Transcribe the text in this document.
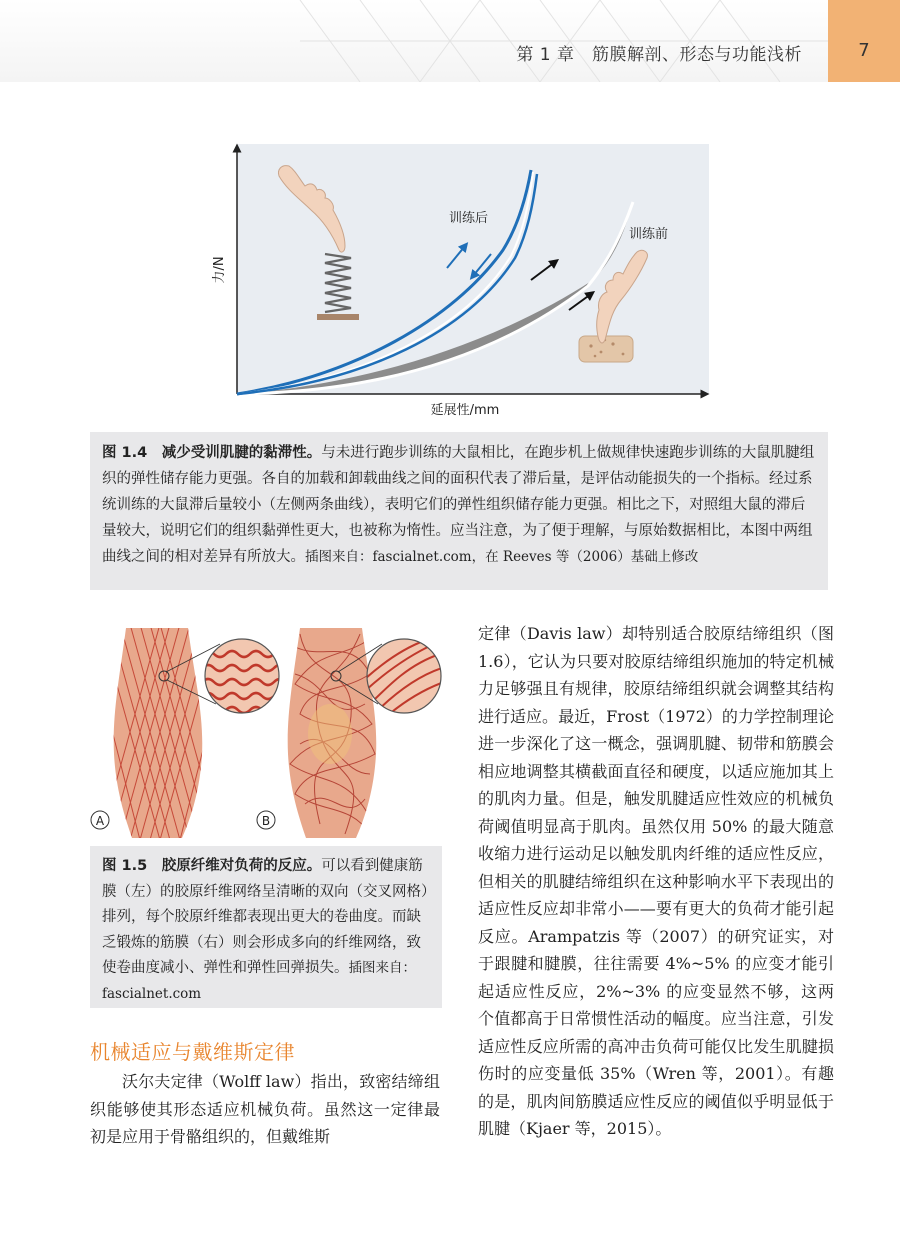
第 1 章　筋膜解剖、形态与功能浅析	7
力/N
延展性/mm
训练后
训练前
图 1.4　减少受训肌腱的黏滞性。与未进行跑步训练的大鼠相比，在跑步机上做规律快速跑步训练的大鼠肌腱组织的弹性储存能力更强。各自的加载和卸载曲线之间的面积代表了滞后量，是评估动能损失的一个指标。经过系统训练的大鼠滞后量较小（左侧两条曲线），表明它们的弹性组织储存能力更强。相比之下，对照组大鼠的滞后量较大，说明它们的组织黏弹性更大，也被称为惰性。应当注意，为了便于理解，与原始数据相比，本图中两组曲线之间的相对差异有所放大。插图来自：fascialnet.com，在 Reeves 等（2006）基础上修改
A	B
图 1.5　胶原纤维对负荷的反应。可以看到健康筋膜（左）的胶原纤维网络呈清晰的双向（交叉网格）排列，每个胶原纤维都表现出更大的卷曲度。而缺乏锻炼的筋膜（右）则会形成多向的纤维网络，致使卷曲度减小、弹性和弹性回弹损失。插图来自：fascialnet.com
机械适应与戴维斯定律

沃尔夫定律（Wolff law）指出，致密结缔组织能够使其形态适应机械负荷。虽然这一定律最初是应用于骨骼组织的，但戴维斯

定律（Davis law）却特别适合胶原结缔组织（图 1.6），它认为只要对胶原结缔组织施加的特定机械力足够强且有规律，胶原结缔组织就会调整其结构进行适应。最近，Frost（1972）的力学控制理论进一步深化了这一概念，强调肌腱、韧带和筋膜会相应地调整其横截面直径和硬度，以适应施加其上的肌肉力量。但是，触发肌腱适应性效应的机械负荷阈值明显高于肌肉。虽然仅用 50% 的最大随意收缩力进行运动足以触发肌肉纤维的适应性反应，但相关的肌腱结缔组织在这种影响水平下表现出的适应性反应却非常小——要有更大的负荷才能引起反应。Arampatzis 等（2007）的研究证实，对于跟腱和腱膜，往往需要 4%~5% 的应变才能引起适应性反应，2%~3% 的应变显然不够，这两个值都高于日常惯性活动的幅度。应当注意，引发适应性反应所需的高冲击负荷可能仅比发生肌腱损伤时的应变量低 35%（Wren 等，2001）。有趣的是，肌肉间筋膜适应性反应的阈值似乎明显低于肌腱（Kjaer 等，2015）。
